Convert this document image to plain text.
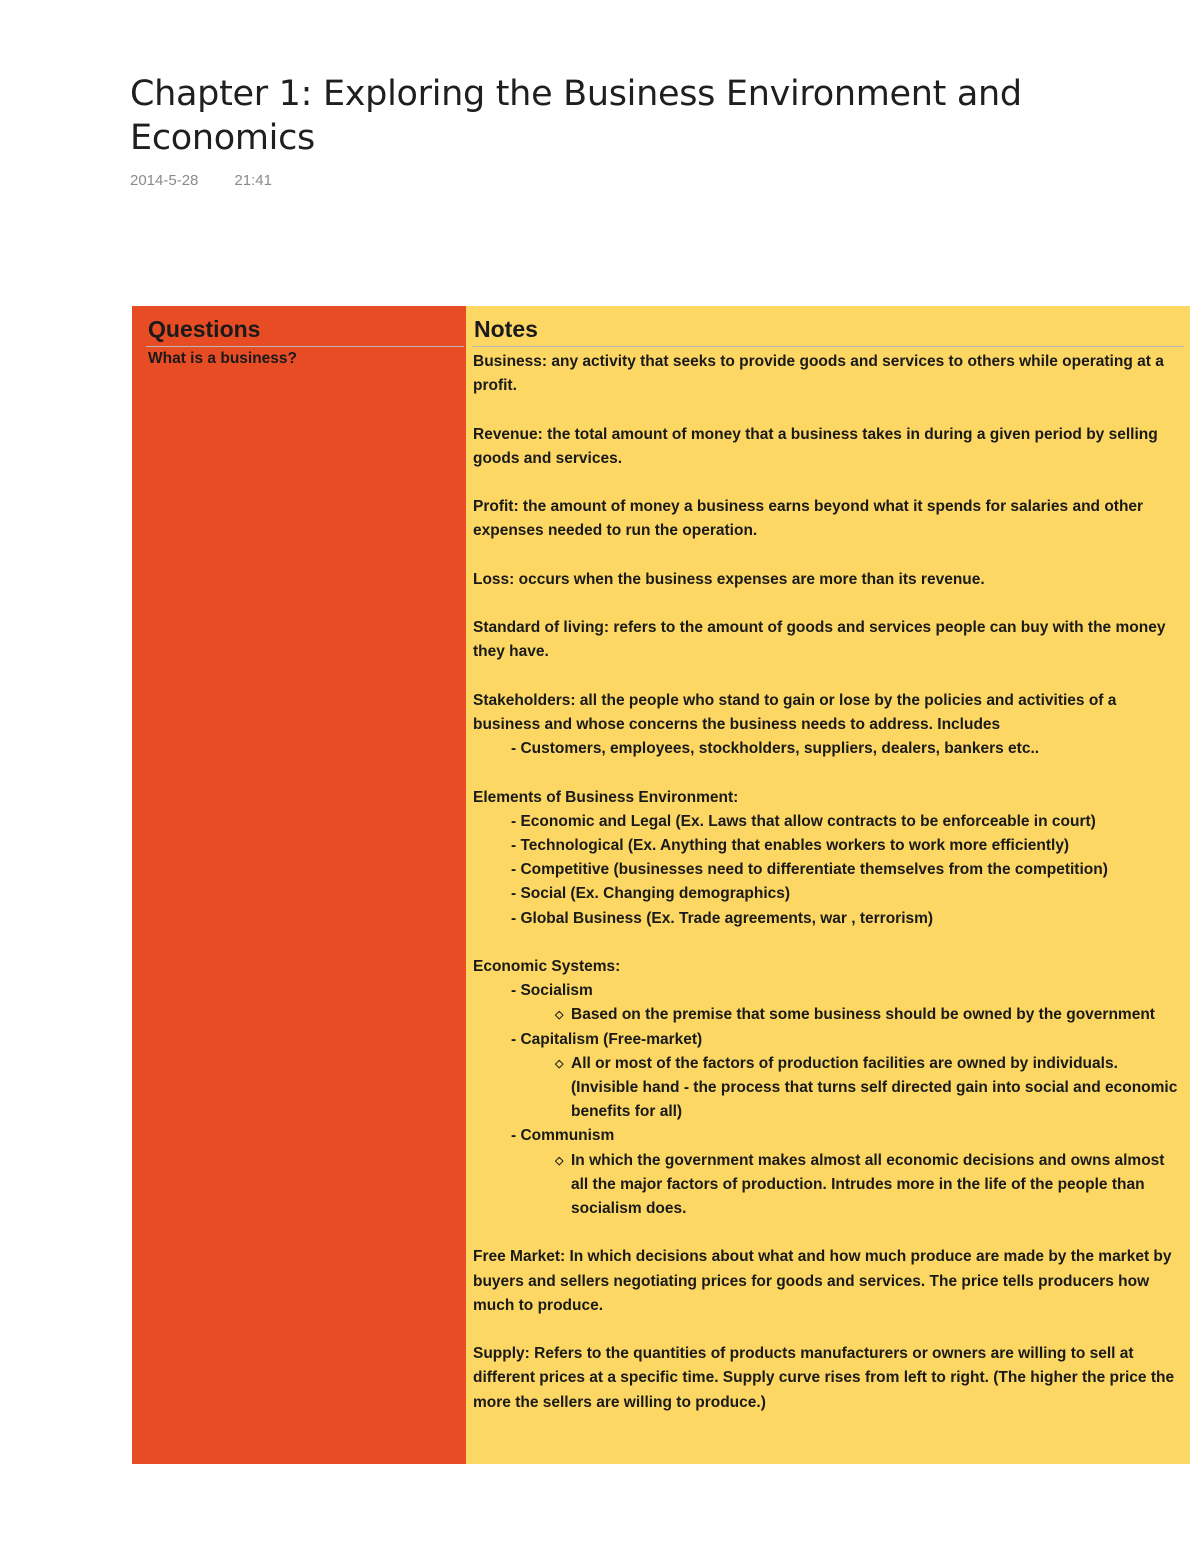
Chapter 1: Exploring the Business Environment and Economics
2014-5-28 21:41
Questions
What is a business?
Notes

Business: any activity that seeks to provide goods and services to others while operating at a profit.

Revenue: the total amount of money that a business takes in during a given period by selling goods and services.

Profit: the amount of money a business earns beyond what it spends for salaries and other expenses needed to run the operation.

Loss: occurs when the business expenses are more than its revenue.

Standard of living: refers to the amount of goods and services people can buy with the money they have.

Stakeholders: all the people who stand to gain or lose by the policies and activities of a business and whose concerns the business needs to address. Includes

- Customers, employees, stockholders, suppliers, dealers, bankers etc..

Elements of Business Environment:

- Economic and Legal (Ex. Laws that allow contracts to be enforceable in court)

- Technological (Ex. Anything that enables workers to work more efficiently)

- Competitive (businesses need to differentiate themselves from the competition)

- Social (Ex. Changing demographics)

- Global Business (Ex. Trade agreements, war , terrorism)

Economic Systems:

- Socialism

◇ Based on the premise that some business should be owned by the government

- Capitalism (Free-market)

◇ All or most of the factors of production facilities are owned by individuals. (Invisible hand - the process that turns self directed gain into social and economic benefits for all)

- Communism

◇ In which the government makes almost all economic decisions and owns almost all the major factors of production. Intrudes more in the life of the people than socialism does.

Free Market: In which decisions about what and how much produce are made by the market by buyers and sellers negotiating prices for goods and services. The price tells producers how much to produce.

Supply: Refers to the quantities of products manufacturers or owners are willing to sell at different prices at a specific time. Supply curve rises from left to right. (The higher the price the more the sellers are willing to produce.)
